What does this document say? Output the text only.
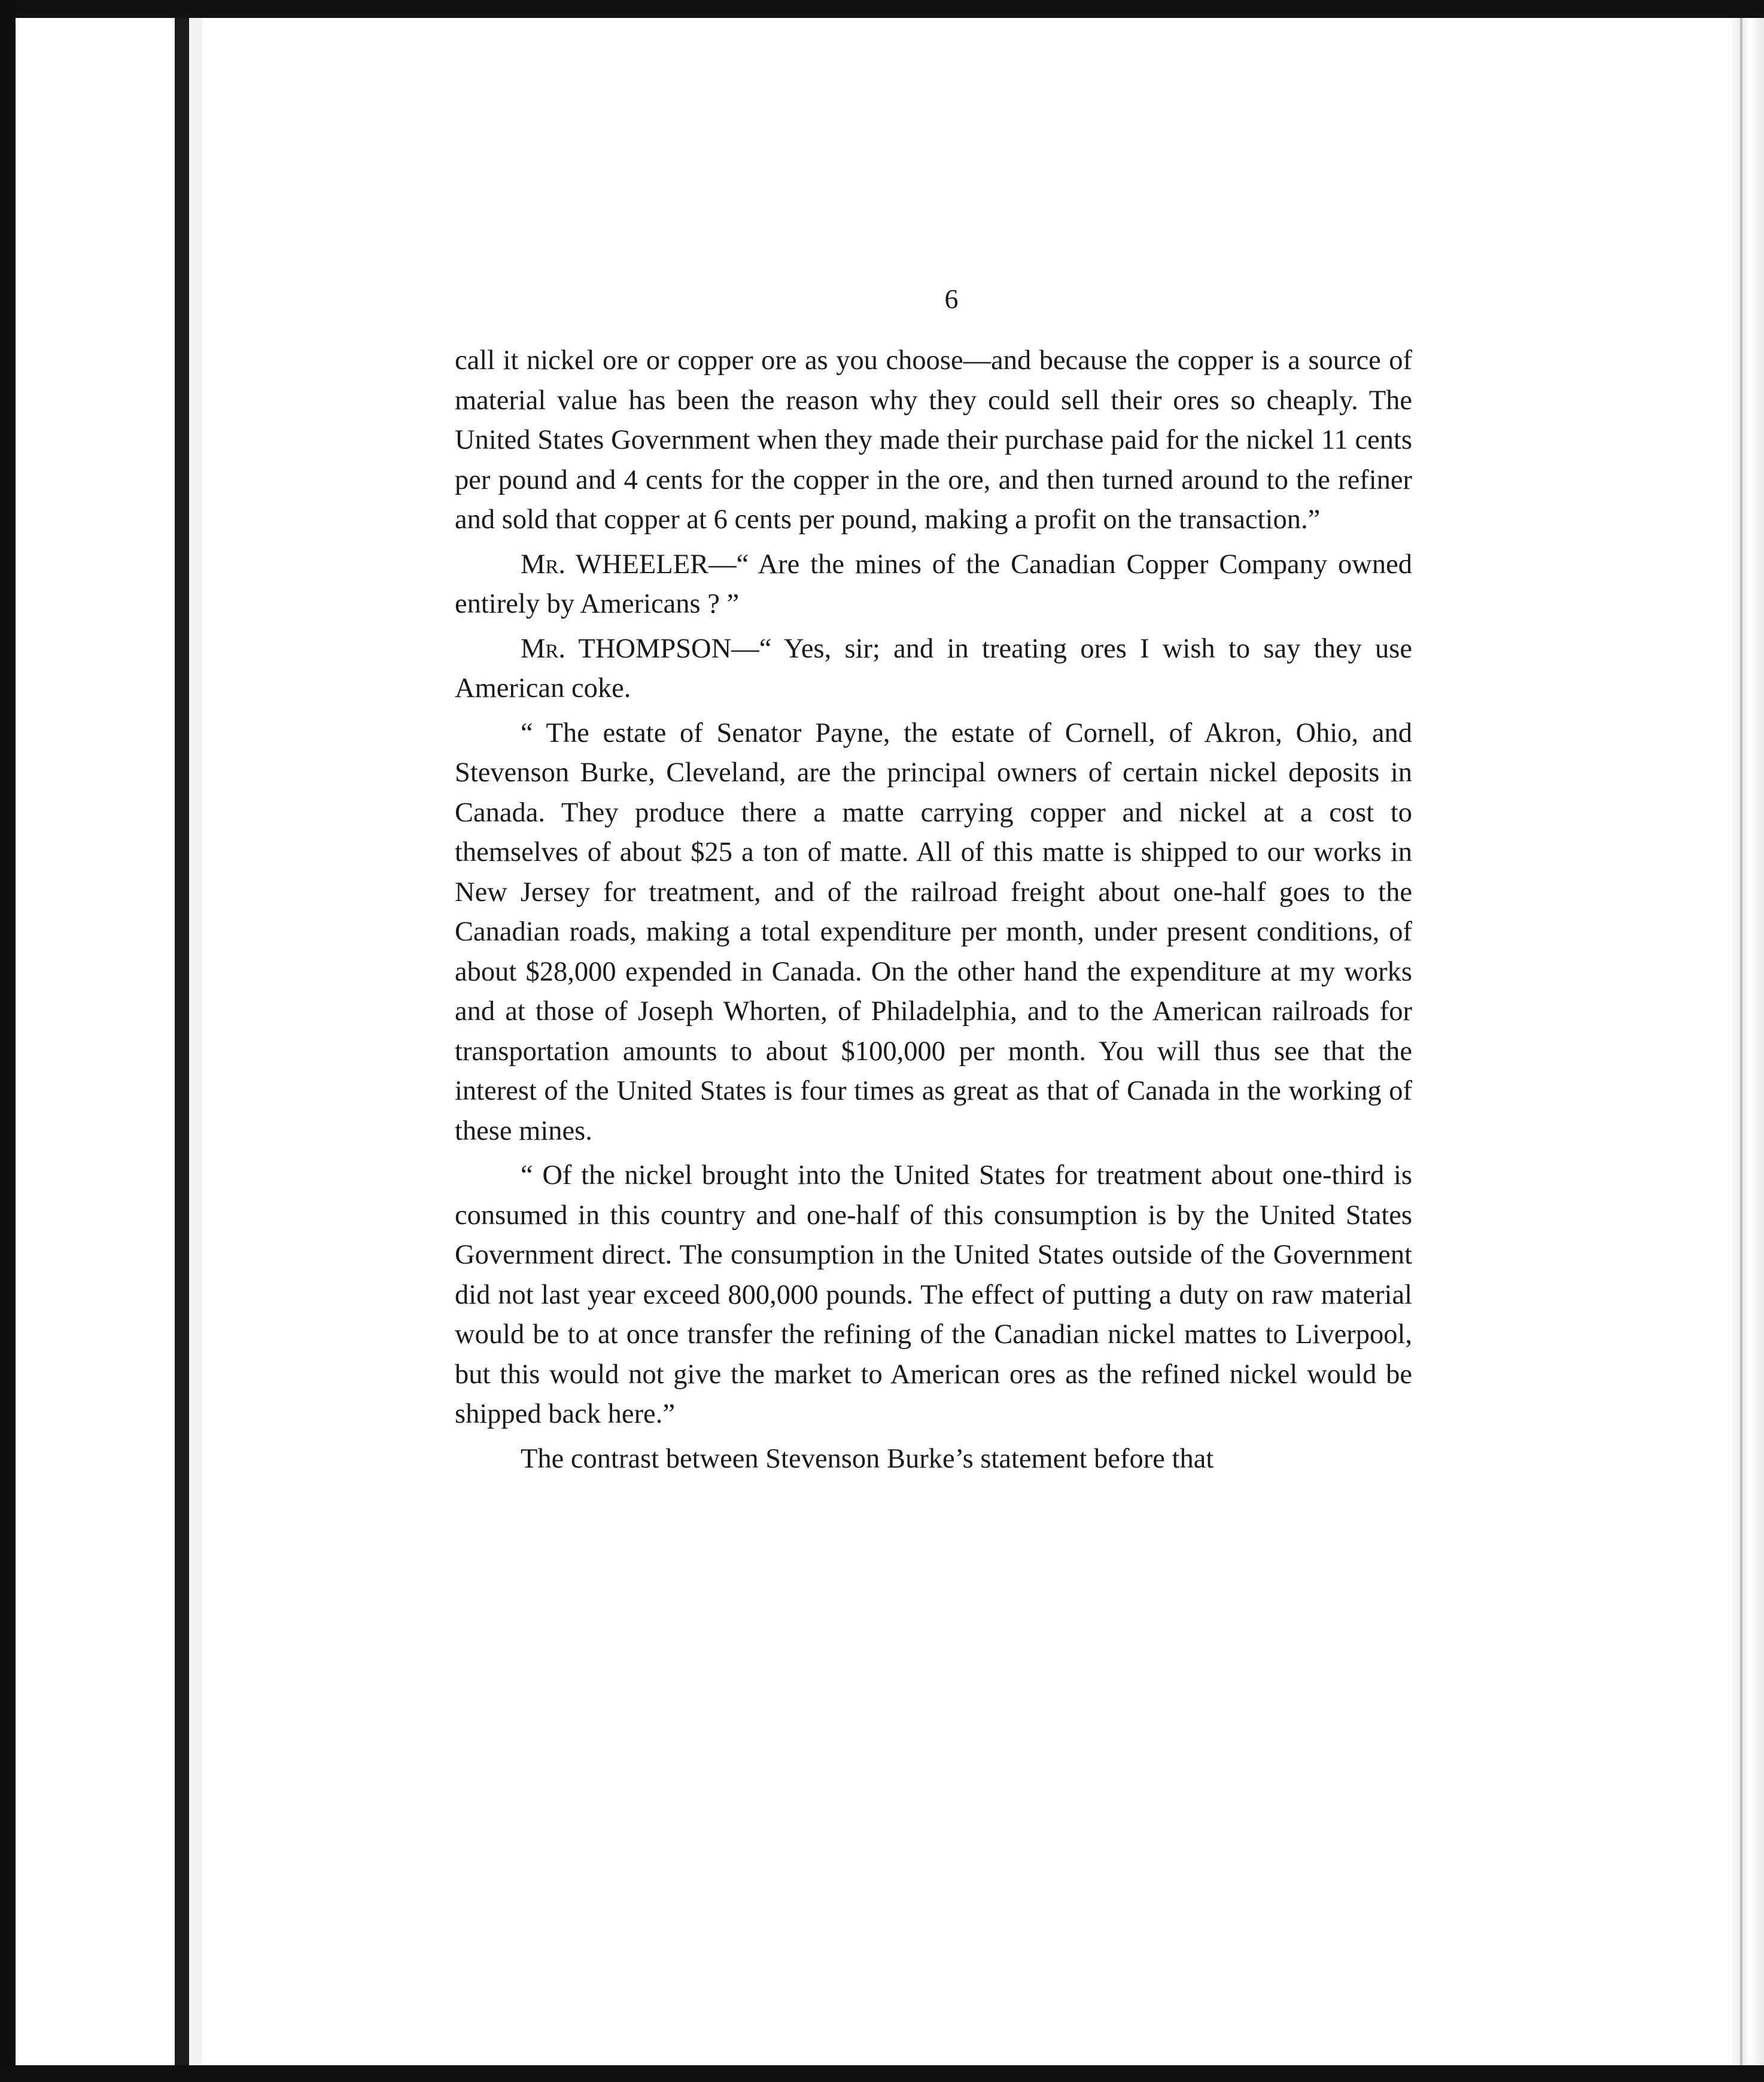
6

call it nickel ore or copper ore as you choose—and because the copper is a source of material value has been the reason why they could sell their ores so cheaply. The United States Government when they made their purchase paid for the nickel 11 cents per pound and 4 cents for the copper in the ore, and then turned around to the refiner and sold that copper at 6 cents per pound, making a profit on the transaction.”

Mr. WHEELER—“ Are the mines of the Canadian Copper Company owned entirely by Americans ? ”

Mr. THOMPSON—“ Yes, sir; and in treating ores I wish to say they use American coke.

“ The estate of Senator Payne, the estate of Cornell, of Akron, Ohio, and Stevenson Burke, Cleveland, are the principal owners of certain nickel deposits in Canada. They produce there a matte carrying copper and nickel at a cost to themselves of about $25 a ton of matte. All of this matte is shipped to our works in New Jersey for treatment, and of the railroad freight about one-half goes to the Canadian roads, making a total expenditure per month, under present conditions, of about $28,000 expended in Canada. On the other hand the expenditure at my works and at those of Joseph Whorten, of Philadelphia, and to the American railroads for transportation amounts to about $100,000 per month. You will thus see that the interest of the United States is four times as great as that of Canada in the working of these mines.

“ Of the nickel brought into the United States for treatment about one-third is consumed in this country and one-half of this consumption is by the United States Government direct. The consumption in the United States outside of the Government did not last year exceed 800,000 pounds. The effect of putting a duty on raw material would be to at once transfer the refining of the Canadian nickel mattes to Liverpool, but this would not give the market to American ores as the refined nickel would be shipped back here.”

The contrast between Stevenson Burke’s statement before that
